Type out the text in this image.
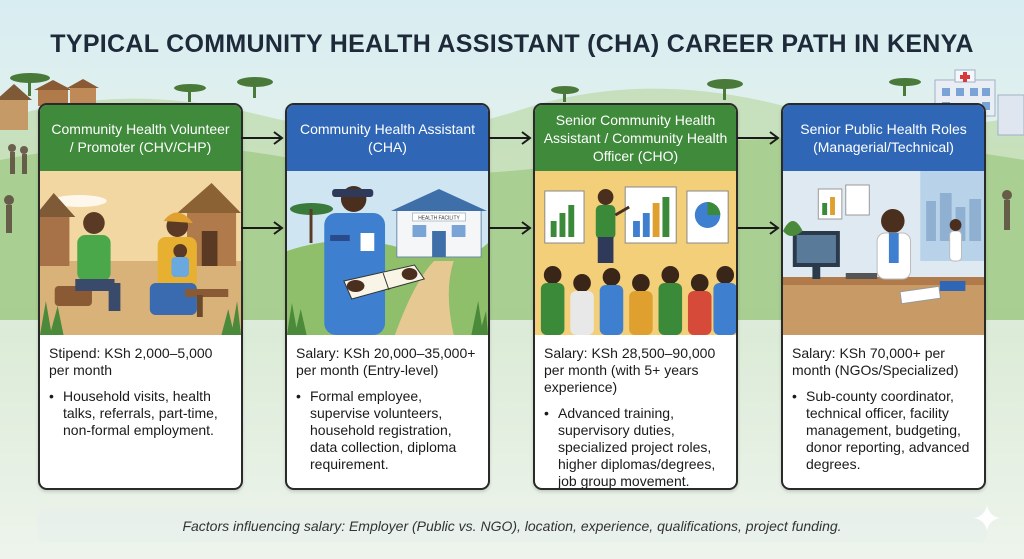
TYPICAL COMMUNITY HEALTH ASSISTANT (CHA) CAREER PATH IN KENYA
Community Health Volunteer / Promoter (CHV/CHP)
Stipend: KSh 2,000–5,000 per month
• Household visits, health talks, referrals, part-time, non-formal employment.
Community Health Assistant (CHA)
HEALTH FACILITY
Salary: KSh 20,000–35,000+ per month (Entry-level)
• Formal employee, supervise volunteers, household registration, data collection, diploma requirement.
Senior Community Health Assistant / Community Health Officer (CHO)
Salary: KSh 28,500–90,000 per month (with 5+ years experience)
• Advanced training, supervisory duties, specialized project roles, higher diplomas/degrees, job group movement.
Senior Public Health Roles (Managerial/Technical)
Salary: KSh 70,000+ per month (NGOs/Specialized)
• Sub-county coordinator, technical officer, facility management, budgeting, donor reporting, advanced degrees.
Factors influencing salary: Employer (Public vs. NGO), location, experience, qualifications, project funding.
